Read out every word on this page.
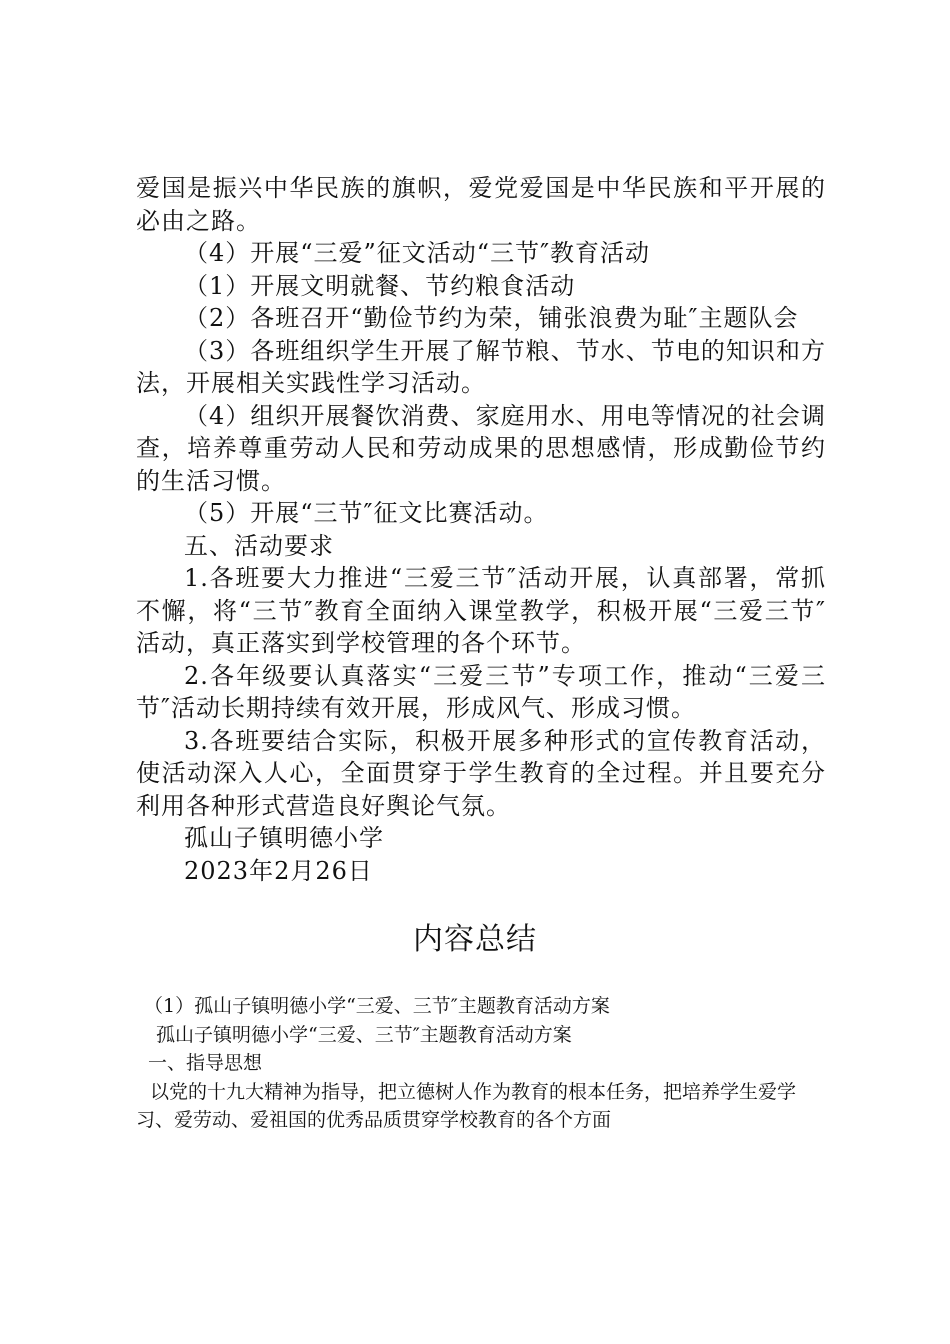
爱国是振兴中华民族的旗帜，爱党爱国是中华民族和平开展的必由之路。

（4）开展“三爱”征文活动“三节″教育活动

（1）开展文明就餐、节约粮食活动

（2）各班召开“勤俭节约为荣，铺张浪费为耻″主题队会

（3）各班组织学生开展了解节粮、节水、节电的知识和方法，开展相关实践性学习活动。

（4）组织开展餐饮消费、家庭用水、用电等情况的社会调查，培养尊重劳动人民和劳动成果的思想感情，形成勤俭节约的生活习惯。

（5）开展“三节″征文比赛活动。

五、活动要求

1.各班要大力推进“三爱三节″活动开展，认真部署，常抓不懈，将“三节″教育全面纳入课堂教学，积极开展“三爱三节″活动，真正落实到学校管理的各个环节。

2.各年级要认真落实“三爱三节”专项工作，推动“三爱三节″活动长期持续有效开展，形成风气、形成习惯。

3.各班要结合实际，积极开展多种形式的宣传教育活动，使活动深入人心，全面贯穿于学生教育的全过程。并且要充分利用各种形式营造良好舆论气氛。

孤山子镇明德小学

2023年2月26日

内容总结

（1）孤山子镇明德小学“三爱、三节″主题教育活动方案

孤山子镇明德小学“三爱、三节″主题教育活动方案

一、指导思想

以党的十九大精神为指导，把立德树人作为教育的根本任务，把培养学生爱学习、爱劳动、爱祖国的优秀品质贯穿学校教育的各个方面
